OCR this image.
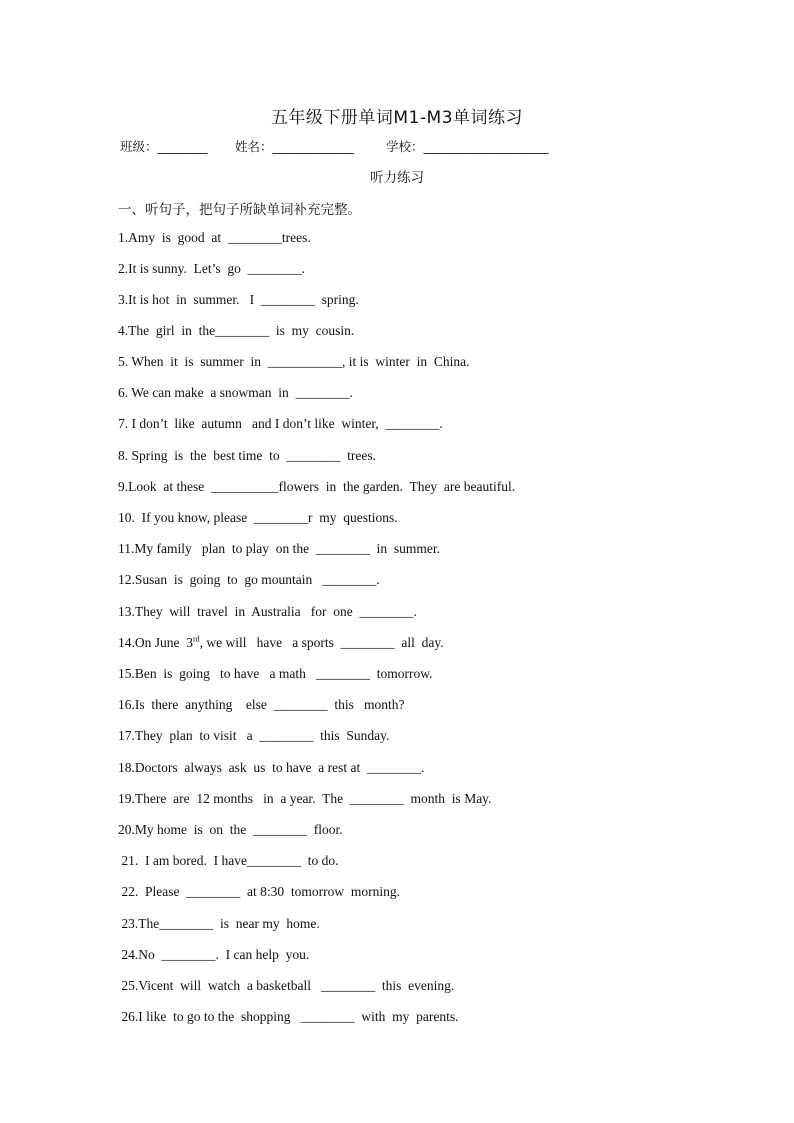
五年级下册单词M1-M3单词练习
班级：________ 姓名：_____________	学校：____________________
听力练习
一、听句子，把句子所缺单词补充完整。
1.Amy  is  good  at  ________trees.
2.It is sunny.  Let’s  go  ________.
3.It is hot  in  summer.   I  ________  spring.
4.The  girl  in  the________  is  my  cousin.
5. When  it  is  summer  in  ___________, it is  winter  in  China.
6. We can make  a snowman  in  ________.
7. I don’t  like  autumn   and I don’t like  winter,  ________.
8. Spring  is  the  best time  to  ________  trees.
9.Look  at these  __________flowers  in  the garden.  They  are beautiful.
10.  If you know, please  ________r  my  questions.
11.My family   plan  to play  on the  ________  in  summer.
12.Susan  is  going  to  go mountain   ________.
13.They  will  travel  in  Australia   for  one  ________.
14.On June  3rd, we will   have   a sports  ________  all  day.
15.Ben  is  going   to have   a math   ________  tomorrow.
16.Is  there  anything    else  ________  this   month?
17.They  plan  to visit   a  ________  this  Sunday.
18.Doctors  always  ask  us  to have  a rest at  ________.
19.There  are  12 months   in  a year.  The  ________  month  is May.
20.My home  is  on  the  ________  floor.
21.  I am bored.  I have________  to do.
22.  Please  ________  at 8:30  tomorrow  morning.
23.The________  is  near my  home.
24.No  ________.  I can help  you.
25.Vicent  will  watch  a basketball   ________  this  evening.
26.I like  to go to the  shopping   ________  with  my  parents.
